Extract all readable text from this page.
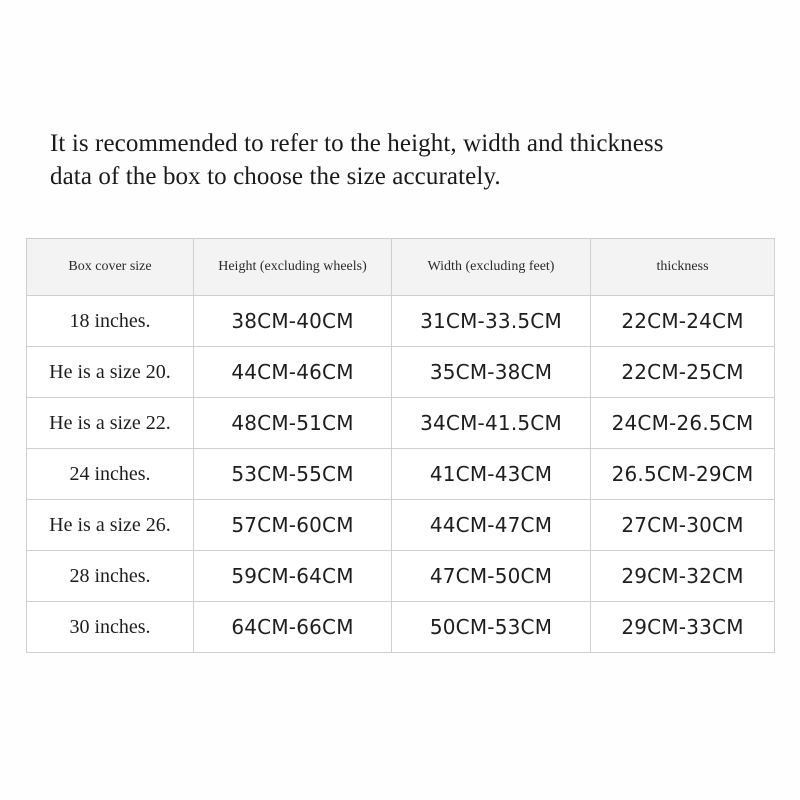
It is recommended to refer to the height, width and thickness
data of the box to choose the size accurately.
Box cover size	Height (excluding wheels)	Width (excluding feet)	thickness
18 inches.	38CM-40CM	31CM-33.5CM	22CM-24CM
He is a size 20.	44CM-46CM	35CM-38CM	22CM-25CM
He is a size 22.	48CM-51CM	34CM-41.5CM	24CM-26.5CM
24 inches.	53CM-55CM	41CM-43CM	26.5CM-29CM
He is a size 26.	57CM-60CM	44CM-47CM	27CM-30CM
28 inches.	59CM-64CM	47CM-50CM	29CM-32CM
30 inches.	64CM-66CM	50CM-53CM	29CM-33CM
